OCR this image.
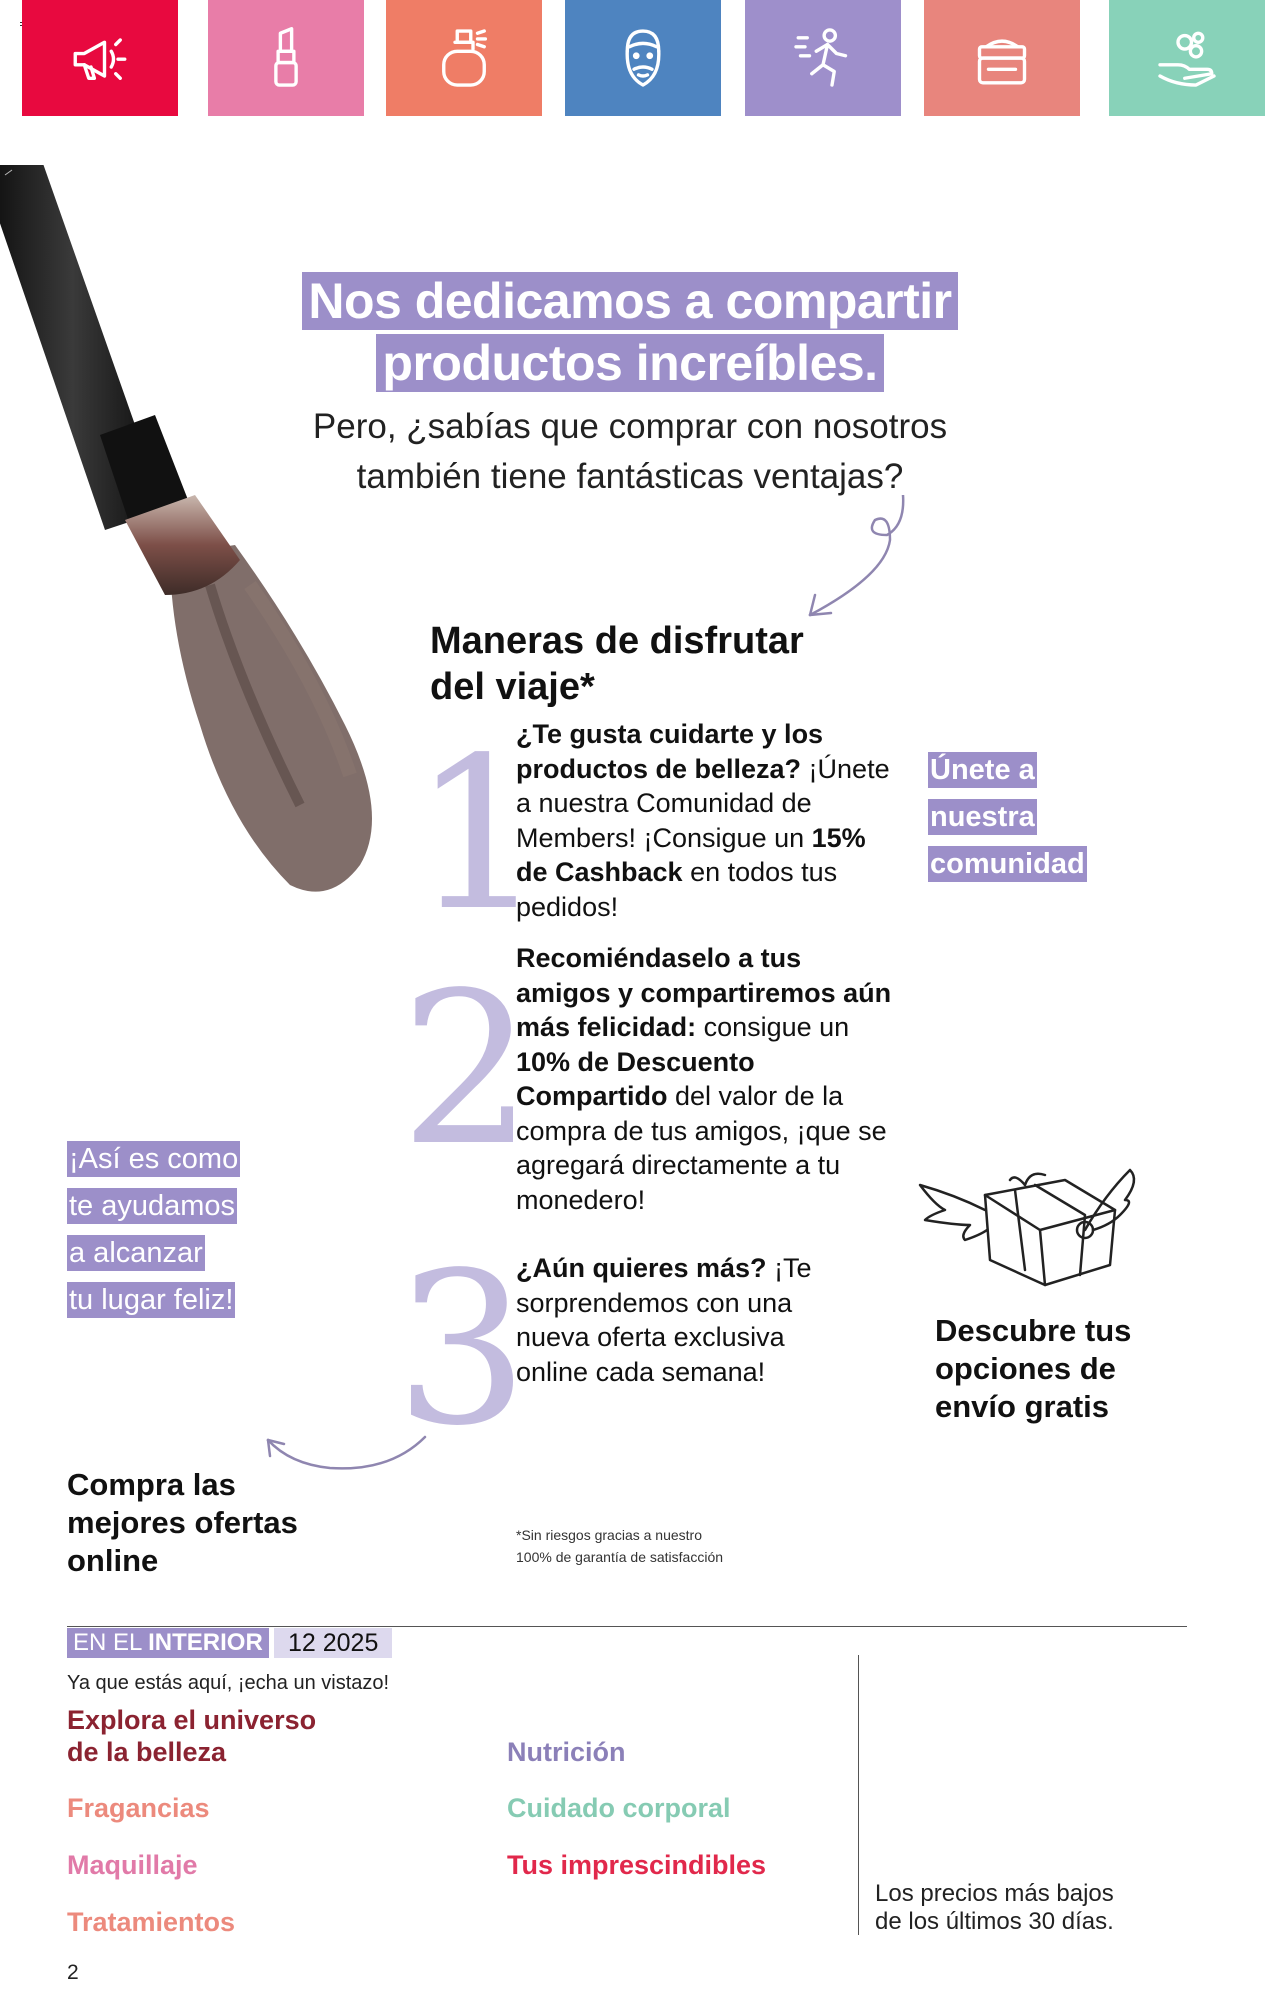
Nos dedicamos a compartir
productos increíbles.
Pero, ¿sabías que comprar con nosotros
también tiene fantásticas ventajas?
Maneras de disfrutar
del viaje*
1
¿Te gusta cuidarte y los productos de belleza? ¡Únete a nuestra Comunidad de Members! ¡Consigue un 15% de Cashback en todos tus pedidos!
2
Recomiéndaselo a tus amigos y compartiremos aún más felicidad: consigue un 10% de Descuento Compartido del valor de la compra de tus amigos, ¡que se agregará directamente a tu monedero!
3
¿Aún quieres más? ¡Te sorprendemos con una nueva oferta exclusiva online cada semana!
Únete a
nuestra
comunidad
¡Así es como
te ayudamos
a alcanzar
tu lugar feliz!
Descubre tus
opciones de
envío gratis
Compra las
mejores ofertas
online
*Sin riesgos gracias a nuestro
100% de garantía de satisfacción
EN EL INTERIOR	12 2025
Ya que estás aquí, ¡echa un vistazo!
Explora el universo
de la belleza
Fragancias
Maquillaje
Tratamientos
Nutrición
Cuidado corporal
Tus imprescindibles
Los precios más bajos
de los últimos 30 días.
2
